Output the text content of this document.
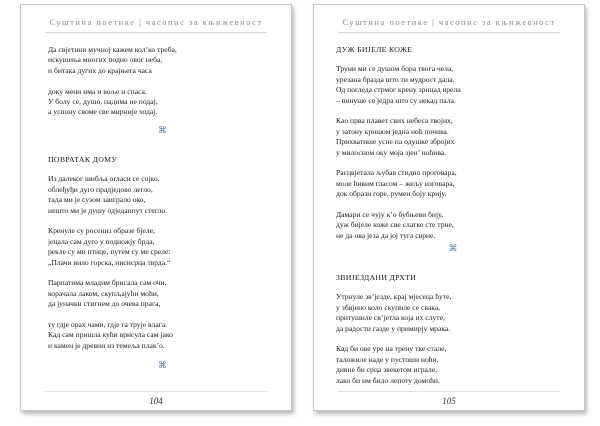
Суштина поетике | часопис за књижевност
Да свјетини мучној кажем кол’ко треба,
искушења многих подно овог неба,
и битака дугих до крајњега часа
доку мени има и воље и спаса.
У болу се, душо, падима не подај,
а успону своме све мирније ходај.
⌘
ПОВРАТАК ДОМУ
Из далеког шибља огласи се сојко,
облеђуђи дуго прадједово легло,
тада ми је сузом заиграло око,
нешто ми је душу одједанпут стегло.
Кренуле су росениз образе бјеле,
јецала сам дуго у подножју брда,
рекле су ми птице, путем су ме среле:
„Плачи вило горска, нисисрца тврда.“
Парпатима младим брисала сам очи,
корачала лаком, скупљајући моћи,
да јуначки стигнем до очева прага,
ту гдје орах чами, гдје га трује влага.
Кад сам пришла кући врисула сам јако
и камен је древни из темеља плак’о.
⌘
104
Суштина поетике | часопис за књижевност
ДУЖ БИЈЕЛЕ КОЖЕ
Труни ми се душом бора твога чела,
урезана бразда што ти мудрост дала.
Од погледа стрмог крену зрнцад врела
– винуше се једра што су некад пала.
Као прва плавет свих небеса твојих,
у затону кришом једна ноћ почива.
Прихватише усне па одушке збројих
у милосном оку моја зјен’ ноћива.
Расцвјетала љубав стидно проговара,
моле ћивим гласом – жељу изговара,
док образи горе, румен боју крију.
Дамари се чују к’о бубњеви бију,
дуж бијеле коже све слатко сте трне,
не да ова језа да јој туга сврне.
⌘
ЗВИЈЕЗДАНИ ДРХТИ
Утрнуле зв’језде, крај мјесеца ћуте,
у збијено коло скупиле се свака,
притушиле св’јетла која их слуте,
да радости газде у примирју мрака.
Кад би ове уре на трену тке стале,
таложиле наде у пустоши ноћи,
дивне би срца звекетом играле,
лако би им било лепоту домоћи.
105
